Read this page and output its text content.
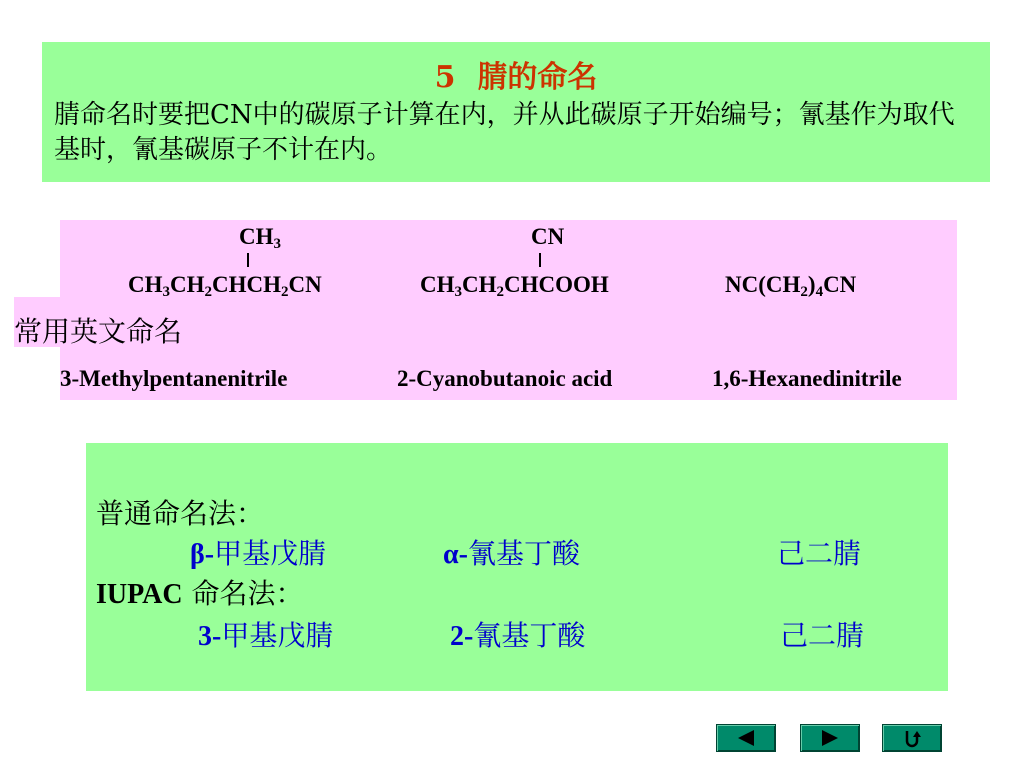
5 腈的命名
腈命名时要把CN中的碳原子计算在内，并从此碳原子开始编号；氰基作为取代基时，氰基碳原子不计在内。
$CH_3$	CN
$CH_3CH_2CHCH_2CN$	$CH_3CH_2CHCOOH$	$NC(CH_2)_4CN$
常用英文命名
3-Methylpentanenitrile	2-Cyanobutanoic acid	1,6-Hexanedinitrile
普通命名法：
β-甲基戊腈	α-氰基丁酸	己二腈
IUPAC 命名法：
3-甲基戊腈	2-氰基丁酸	己二腈
